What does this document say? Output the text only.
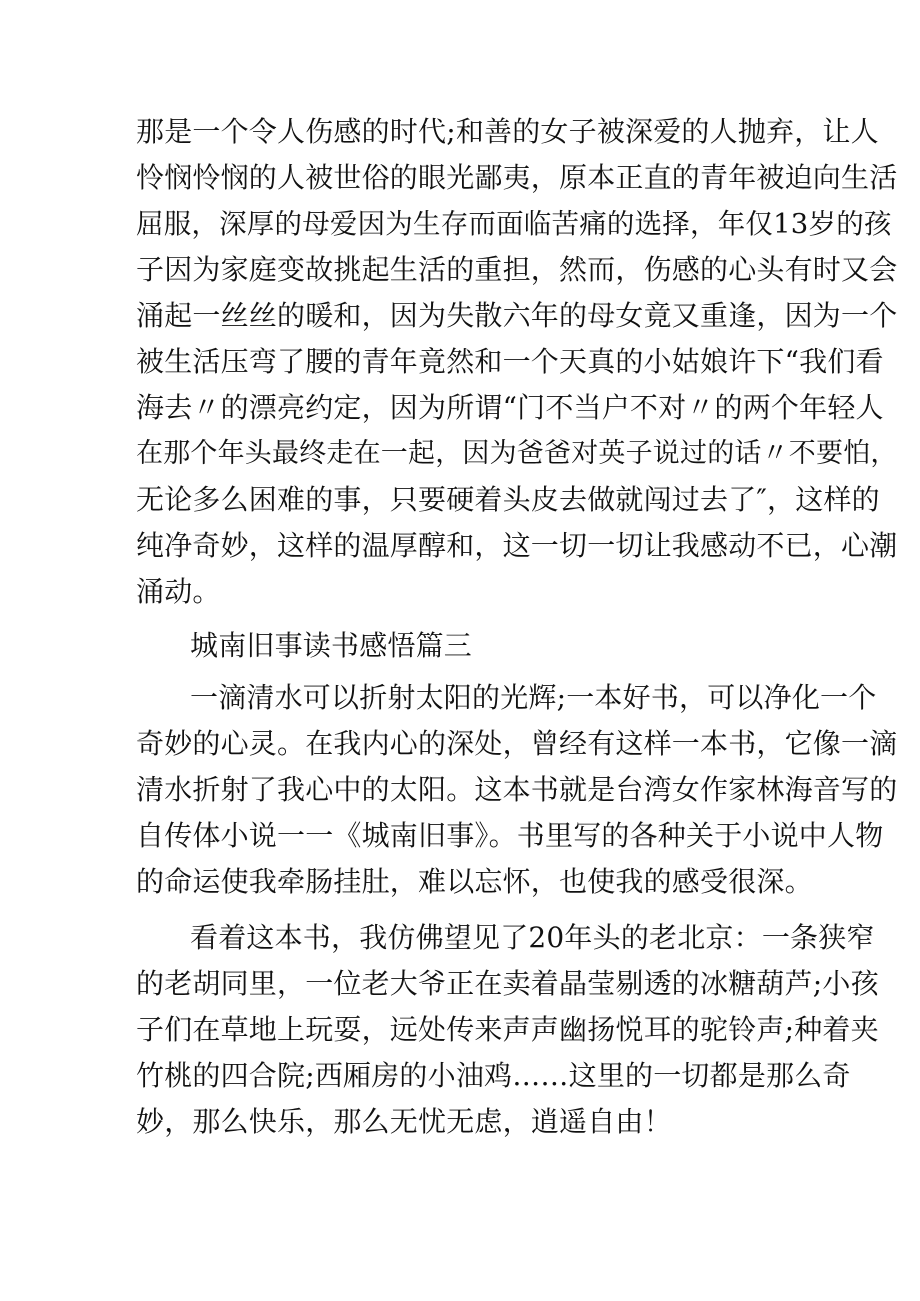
那是一个令人伤感的时代;和善的女子被深爱的人抛弃，让人
怜悯怜悯的人被世俗的眼光鄙夷，原本正直的青年被迫向生活
屈服，深厚的母爱因为生存而面临苦痛的选择，年仅13岁的孩
子因为家庭变故挑起生活的重担，然而，伤感的心头有时又会
涌起一丝丝的暖和，因为失散六年的母女竟又重逢，因为一个
被生活压弯了腰的青年竟然和一个天真的小姑娘许下“我们看
海去〃的漂亮约定，因为所谓“门不当户不对〃的两个年轻人
在那个年头最终走在一起，因为爸爸对英子说过的话〃不要怕，
无论多么困难的事，只要硬着头皮去做就闯过去了″，这样的
纯净奇妙，这样的温厚醇和，这一切一切让我感动不已，心潮
涌动。
城南旧事读书感悟篇三
一滴清水可以折射太阳的光辉;一本好书，可以净化一个
奇妙的心灵。在我内心的深处，曾经有这样一本书，它像一滴
清水折射了我心中的太阳。这本书就是台湾女作家林海音写的
自传体小说一一《城南旧事》。书里写的各种关于小说中人物
的命运使我牵肠挂肚，难以忘怀，也使我的感受很深。
看着这本书，我仿佛望见了20年头的老北京：一条狭窄
的老胡同里，一位老大爷正在卖着晶莹剔透的冰糖葫芦;小孩
子们在草地上玩耍，远处传来声声幽扬悦耳的驼铃声;种着夹
竹桃的四合院;西厢房的小油鸡……这里的一切都是那么奇
妙，那么快乐，那么无忧无虑，逍遥自由！
